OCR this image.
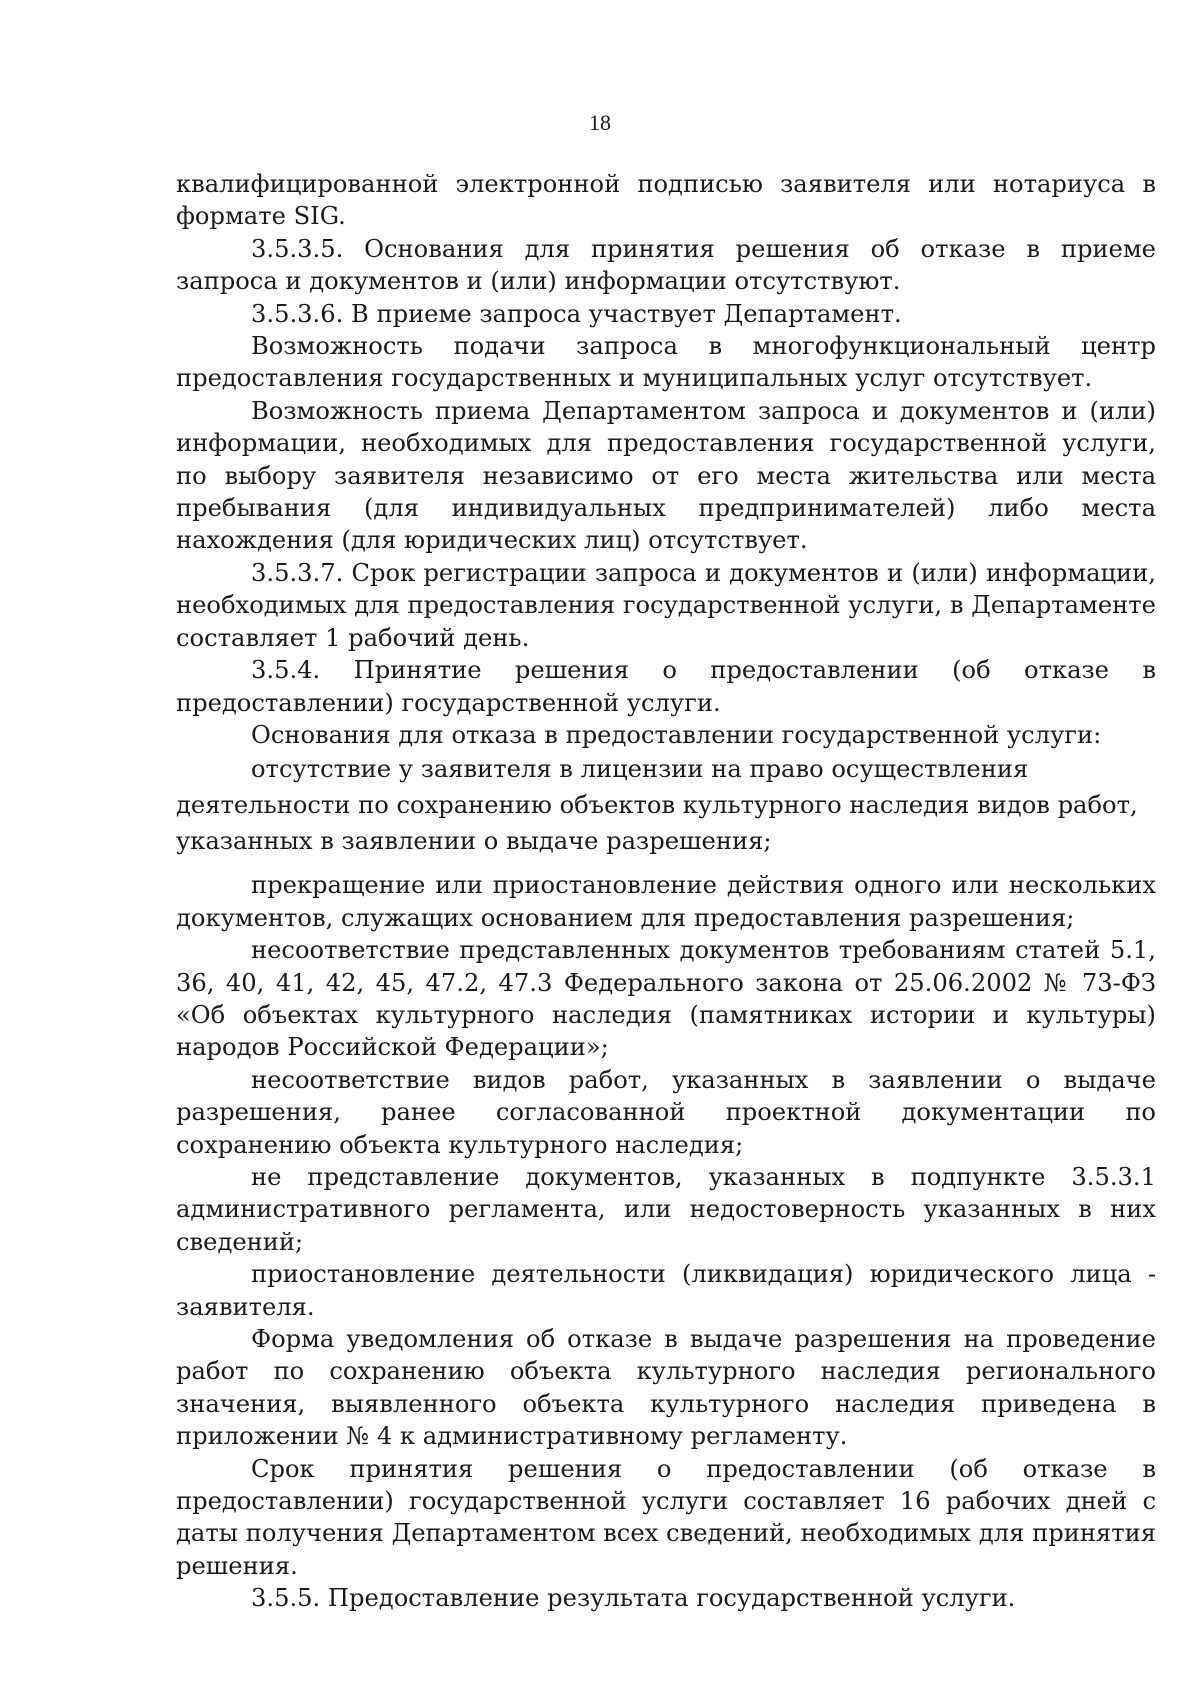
18

квалифицированной электронной подписью заявителя или нотариуса в формате SIG.

3.5.3.5. Основания для принятия решения об отказе в приеме запроса и документов и (или) информации отсутствуют.

3.5.3.6. В приеме запроса участвует Департамент.

Возможность подачи запроса в многофункциональный центр предоставления государственных и муниципальных услуг отсутствует.

Возможность приема Департаментом запроса и документов и (или) информации, необходимых для предоставления государственной услуги, по выбору заявителя независимо от его места жительства или места пребывания (для индивидуальных предпринимателей) либо места нахождения (для юридических лиц) отсутствует.

3.5.3.7. Срок регистрации запроса и документов и (или) информации, необходимых для предоставления государственной услуги, в Департаменте составляет 1 рабочий день.

3.5.4. Принятие решения о предоставлении (об отказе в предоставлении) государственной услуги.

Основания для отказа в предоставлении государственной услуги:

отсутствие у заявителя в лицензии на право осуществления деятельности по сохранению объектов культурного наследия видов работ, указанных в заявлении о выдаче разрешения;

прекращение или приостановление действия одного или нескольких документов, служащих основанием для предоставления разрешения;

несоответствие представленных документов требованиям статей 5.1, 36, 40, 41, 42, 45, 47.2, 47.3 Федерального закона от 25.06.2002 № 73-ФЗ «Об объектах культурного наследия (памятниках истории и культуры) народов Российской Федерации»;

несоответствие видов работ, указанных в заявлении о выдаче разрешения, ранее согласованной проектной документации по сохранению объекта культурного наследия;

не представление документов, указанных в подпункте 3.5.3.1 административного регламента, или недостоверность указанных в них сведений;

приостановление деятельности (ликвидация) юридического лица - заявителя.

Форма уведомления об отказе в выдаче разрешения на проведение работ по сохранению объекта культурного наследия регионального значения, выявленного объекта культурного наследия приведена в приложении № 4 к административному регламенту.

Срок принятия решения о предоставлении (об отказе в предоставлении) государственной услуги составляет 16 рабочих дней с даты получения Департаментом всех сведений, необходимых для принятия решения.

3.5.5. Предоставление результата государственной услуги.
